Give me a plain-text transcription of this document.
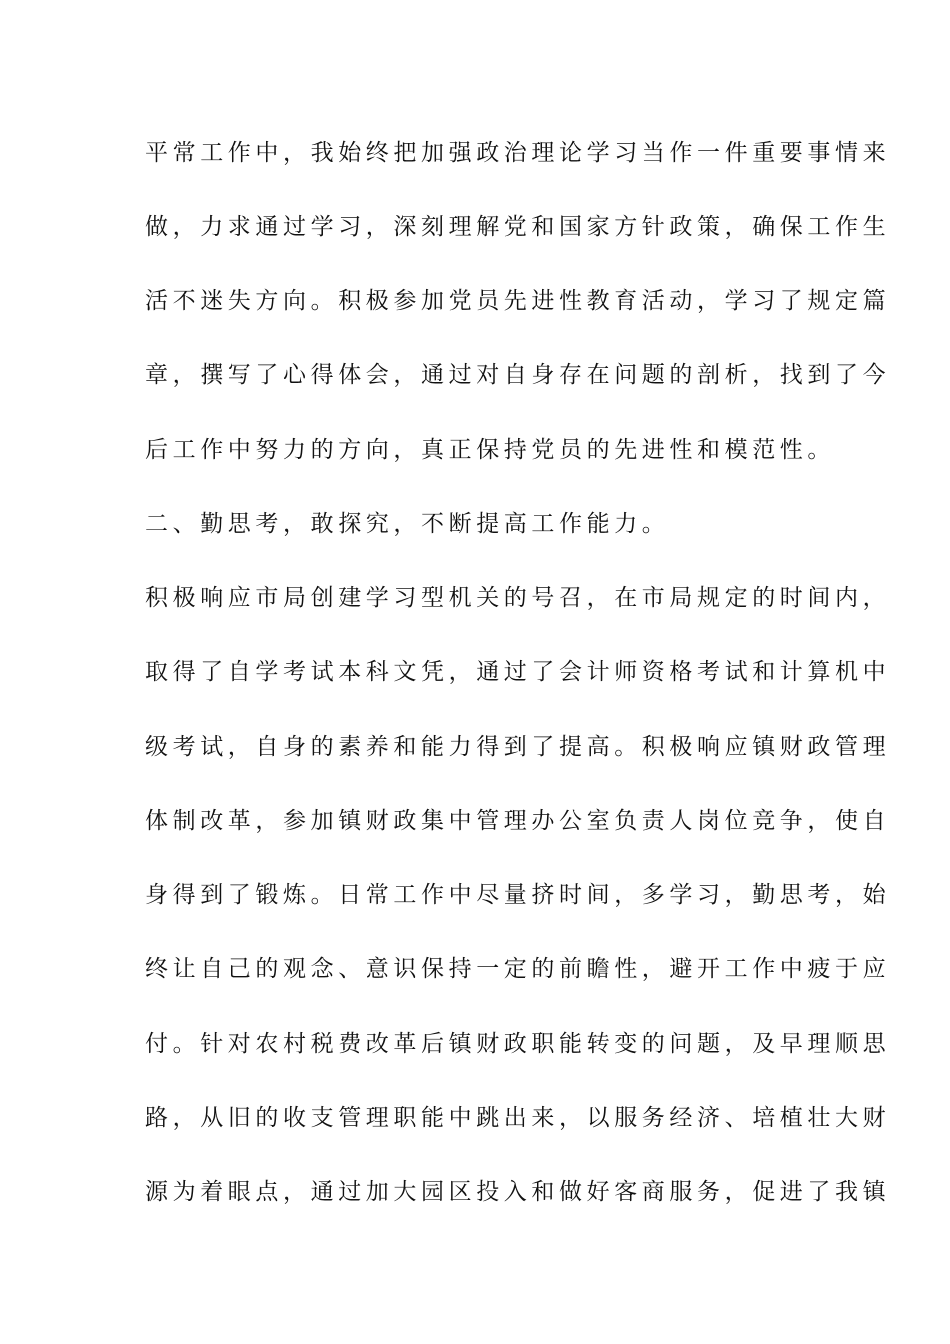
平常工作中，我始终把加强政治理论学习当作一件重要事情来
做，力求通过学习，深刻理解党和国家方针政策，确保工作生
活不迷失方向。积极参加党员先进性教育活动，学习了规定篇
章，撰写了心得体会，通过对自身存在问题的剖析，找到了今
后工作中努力的方向，真正保持党员的先进性和模范性。
二、勤思考，敢探究，不断提高工作能力。
积极响应市局创建学习型机关的号召，在市局规定的时间内，
取得了自学考试本科文凭，通过了会计师资格考试和计算机中
级考试，自身的素养和能力得到了提高。积极响应镇财政管理
体制改革，参加镇财政集中管理办公室负责人岗位竞争，使自
身得到了锻炼。日常工作中尽量挤时间，多学习，勤思考，始
终让自己的观念、意识保持一定的前瞻性，避开工作中疲于应
付。针对农村税费改革后镇财政职能转变的问题，及早理顺思
路，从旧的收支管理职能中跳出来，以服务经济、培植壮大财
源为着眼点，通过加大园区投入和做好客商服务，促进了我镇
